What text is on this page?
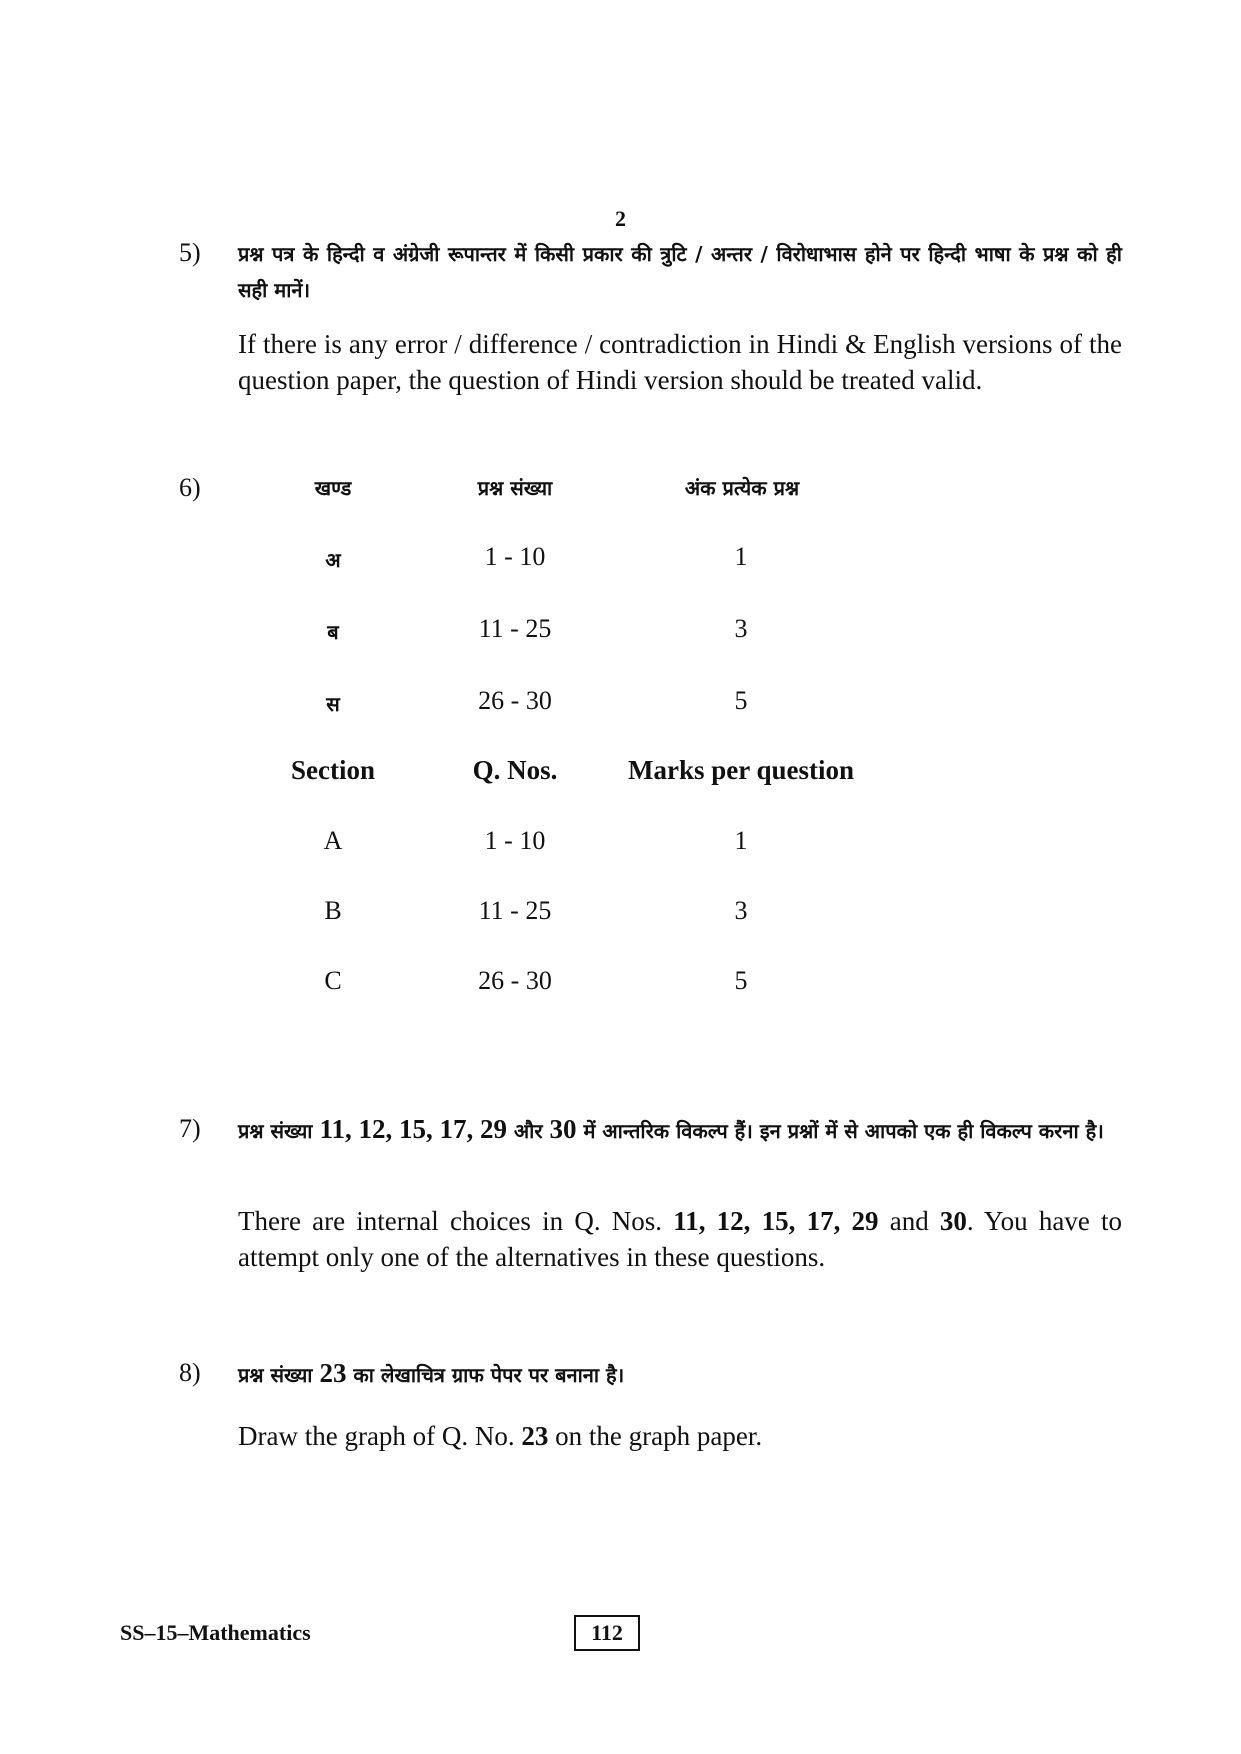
2
5) प्रश्न पत्र के हिन्दी व अंग्रेजी रूपान्तर में किसी प्रकार की त्रुटि / अन्तर / विरोधाभास होने पर हिन्दी भाषा के प्रश्न को ही सही मानें।
If there is any error / difference / contradiction in Hindi & English versions of the question paper, the question of Hindi version should be treated valid.
6)	खण्ड	प्रश्न संख्या	अंक प्रत्येक प्रश्न
अ	1 - 10	1
ब	11 - 25	3
स	26 - 30	5
Section	Q. Nos.	Marks per question
A	1 - 10	1
B	11 - 25	3
C	26 - 30	5
7) प्रश्न संख्या 11, 12, 15, 17, 29 और 30 में आन्तरिक विकल्प हैं। इन प्रश्नों में से आपको एक ही विकल्प करना है।
There are internal choices in Q. Nos. 11, 12, 15, 17, 29 and 30. You have to attempt only one of the alternatives in these questions.
8) प्रश्न संख्या 23 का लेखाचित्र ग्राफ पेपर पर बनाना है।
Draw the graph of Q. No. 23 on the graph paper.
SS–15–Mathematics	112
